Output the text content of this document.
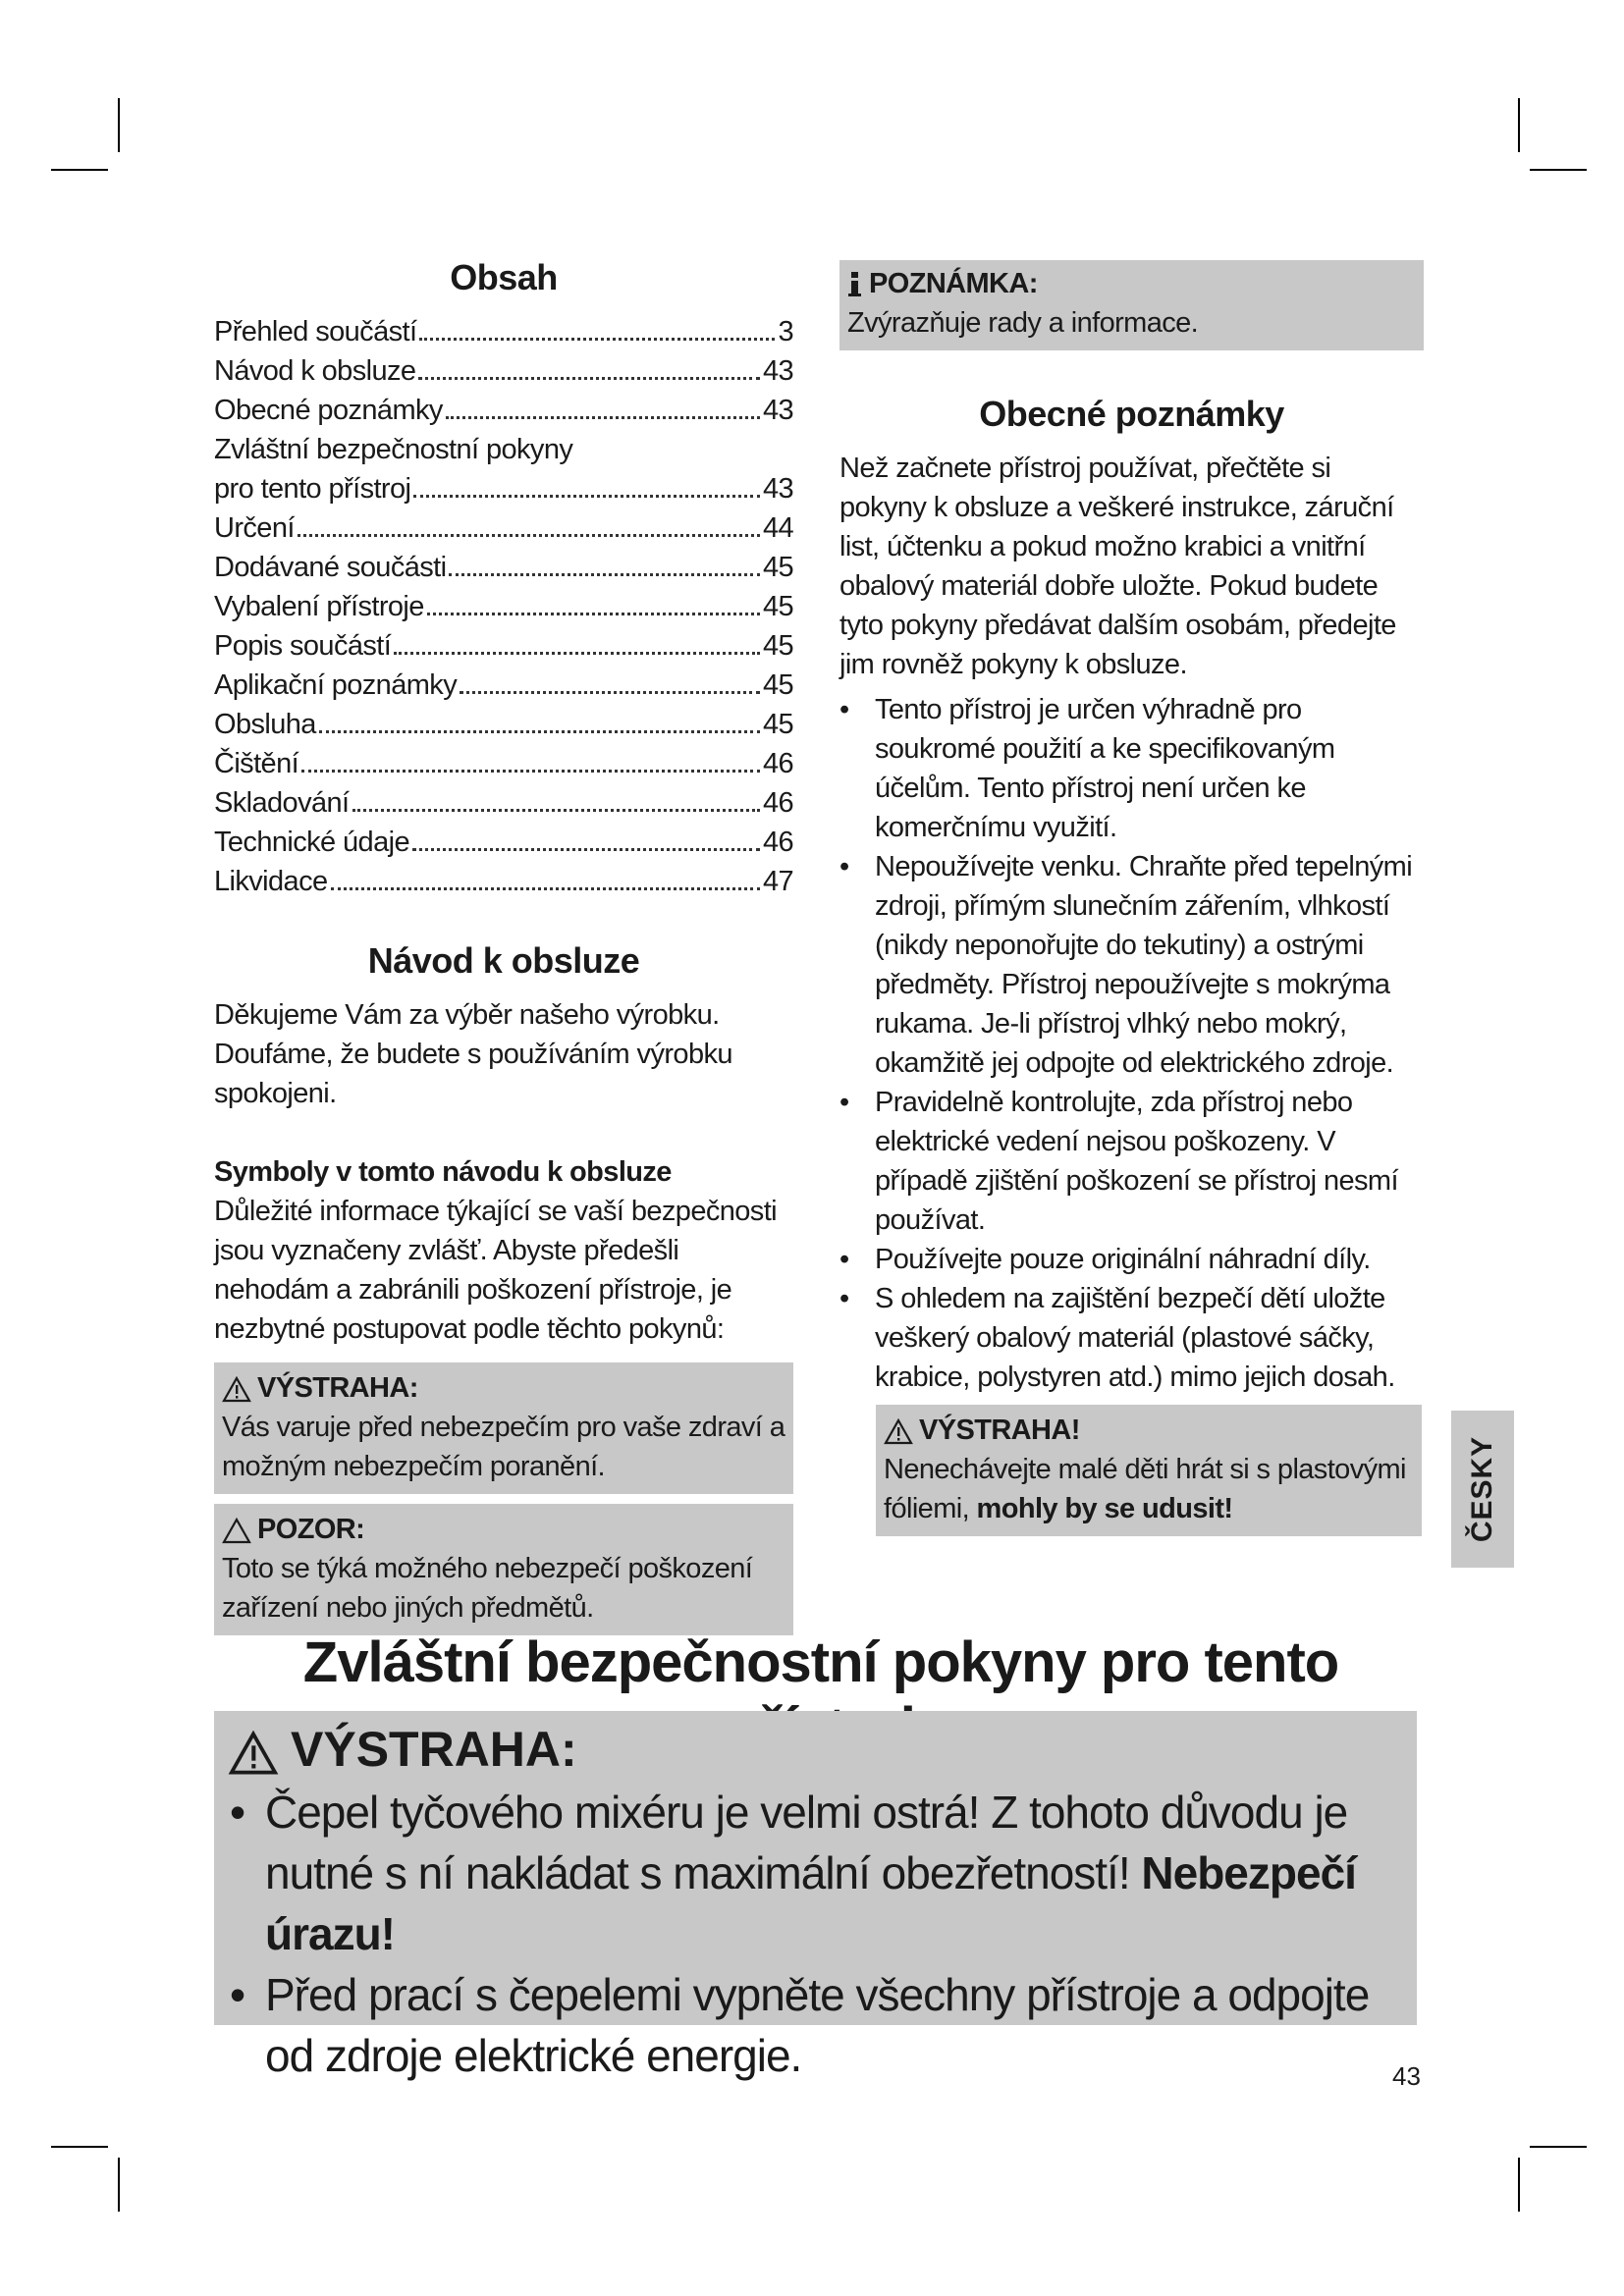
Obsah
Přehled součástí	3
Návod k obsluze	43
Obecné poznámky	43
Zvláštní bezpečnostní pokyny
pro tento přístroj	43
Určení	44
Dodávané součásti	45
Vybalení přístroje	45
Popis součástí	45
Aplikační poznámky	45
Obsluha	45
Čištění	46
Skladování	46
Technické údaje	46
Likvidace	47
Návod k obsluze

Děkujeme Vám za výběr našeho výrobku. Doufáme, že budete s používáním výrobku spokojeni.

Symboly v tomto návodu k obsluze

Důležité informace týkající se vaší bezpečnosti jsou vyznačeny zvlášť. Abyste předešli nehodám a zabránili poškození přístroje, je nezbytné postupovat podle těchto pokynů:

VÝSTRAHA:
Vás varuje před nebezpečím pro vaše zdraví a možným nebezpečím poranění.
POZOR:
Toto se týká možného nebezpečí poškození zařízení nebo jiných předmětů.
POZNÁMKA:
Zvýrazňuje rady a informace.
Obecné poznámky

Než začnete přístroj používat, přečtěte si pokyny k obsluze a veškeré instrukce, záruční list, účtenku a pokud možno krabici a vnitřní obalový materiál dobře uložte. Pokud budete tyto pokyny předávat dalším osobám, předejte jim rovněž pokyny k obsluze.

• Tento přístroj je určen výhradně pro soukromé použití a ke specifikovaným účelům. Tento přístroj není určen ke komerčnímu využití.
• Nepoužívejte venku. Chraňte před tepelnými zdroji, přímým slunečním zářením, vlhkostí (nikdy neponořujte do tekutiny) a ostrými předměty. Přístroj nepoužívejte s mokrýma rukama. Je-li přístroj vlhký nebo mokrý, okamžitě jej odpojte od elektrického zdroje.
• Pravidelně kontrolujte, zda přístroj nebo elektrické vedení nejsou poškozeny. V případě zjištění poškození se přístroj nesmí používat.
• Používejte pouze originální náhradní díly.
• S ohledem na zajištění bezpečí dětí uložte veškerý obalový materiál (plastové sáčky, krabice, polystyren atd.) mimo jejich dosah.
VÝSTRAHA!
Nenechávejte malé děti hrát si s plastovými fóliemi, mohly by se udusit!	ČESKY
Zvláštní bezpečnostní pokyny pro tento
VÝSTRAHA:
• Čepel tyčového mixéru je velmi ostrá! Z tohoto důvodu je nutné s ní nakládat s maximální obezřetností! Nebezpečí úrazu!
• Před prací s čepelemi vypněte všechny přístroje a odpojte od zdroje elektrické energie.	43
